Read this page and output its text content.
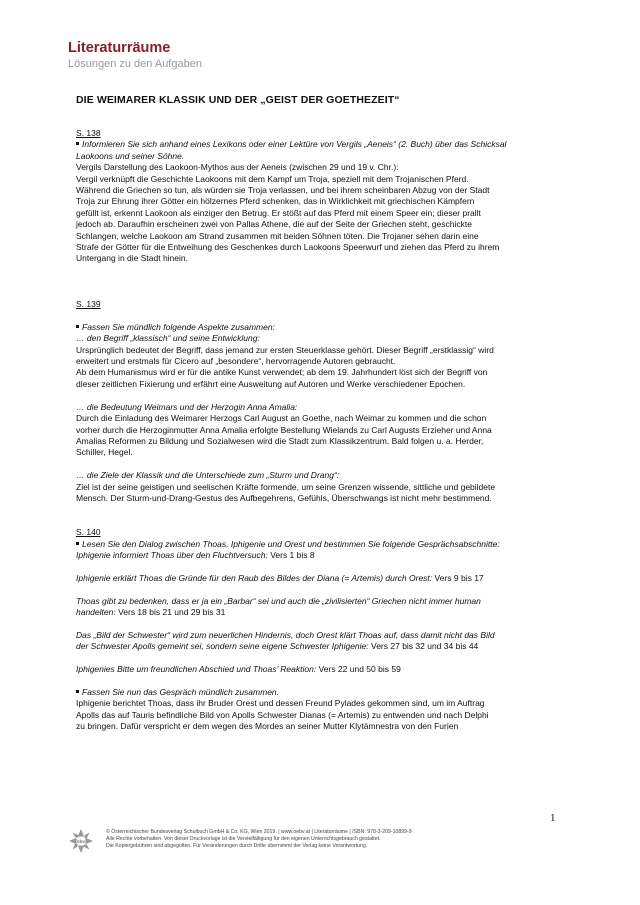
Literaturräume
Lösungen zu den Aufgaben
DIE WEIMARER KLASSIK UND DER „GEIST DER GOETHEZEIT“

S. 138

Informieren Sie sich anhand eines Lexikons oder einer Lektüre von Vergils „Aeneis“ (2. Buch) über das Schicksal

Laokoons und seiner Söhne.

Vergils Darstellung des Laokoon-Mythos aus der Aeneis (zwischen 29 und 19 v. Chr.):

Vergil verknüpft die Geschichte Laokoons mit dem Kampf um Troja, speziell mit dem Trojanischen Pferd.

Während die Griechen so tun, als würden sie Troja verlassen, und bei ihrem scheinbaren Abzug von der Stadt

Troja zur Ehrung ihrer Götter ein hölzernes Pferd schenken, das in Wirklichkeit mit griechischen Kämpfern

gefüllt ist, erkennt Laokoon als einziger den Betrug. Er stößt auf das Pferd mit einem Speer ein; dieser prallt

jedoch ab. Daraufhin erscheinen zwei von Pallas Athene, die auf der Seite der Griechen steht, geschickte

Schlangen, welche Laokoon am Strand zusammen mit beiden Söhnen töten. Die Trojaner sehen darin eine

Strafe der Götter für die Entweihung des Geschenkes durch Laokoons Speerwurf und ziehen das Pferd zu ihrem

Untergang in die Stadt hinein.

S. 139

Fassen Sie mündlich folgende Aspekte zusammen:

… den Begriff „klassisch“ und seine Entwicklung:

Ursprünglich bedeutet der Begriff, dass jemand zur ersten Steuerklasse gehört. Dieser Begriff „erstklassig“ wird

erweitert und erstmals für Cicero auf „besondere“, hervorragende Autoren gebraucht.

Ab dem Humanismus wird er für die antike Kunst verwendet; ab dem 19. Jahrhundert löst sich der Begriff von

dieser zeitlichen Fixierung und erfährt eine Ausweitung auf Autoren und Werke verschiedener Epochen.

… die Bedeutung Weimars und der Herzogin Anna Amalia:

Durch die Einladung des Weimarer Herzogs Carl August an Goethe, nach Weimar zu kommen und die schon

vorher durch die Herzoginmutter Anna Amalia erfolgte Bestellung Wielands zu Carl Augusts Erzieher und Anna

Amalias Reformen zu Bildung und Sozialwesen wird die Stadt zum Klassikzentrum. Bald folgen u. a. Herder,

Schiller, Hegel.

… die Ziele der Klassik und die Unterschiede zum „Sturm und Drang“:

Ziel ist der seine geistigen und seelischen Kräfte formende, um seine Grenzen wissende, sittliche und gebildete

Mensch. Der Sturm-und-Drang-Gestus des Aufbegehrens, Gefühls, Überschwangs ist nicht mehr bestimmend.

S. 140

Lesen Sie den Dialog zwischen Thoas, Iphigenie und Orest und bestimmen Sie folgende Gesprächsabschnitte:

Iphigenie informiert Thoas über den Fluchtversuch: Vers 1 bis 8

Iphigenie erklärt Thoas die Gründe für den Raub des Bildes der Diana (= Artemis) durch Orest: Vers 9 bis 17

Thoas gibt zu bedenken, dass er ja ein „Barbar“ sei und auch die „zivilisierten“ Griechen nicht immer human

handelten: Vers 18 bis 21 und 29 bis 31

Das „Bild der Schwester“ wird zum neuerlichen Hindernis, doch Orest klärt Thoas auf, dass damit nicht das Bild

der Schwester Apolls gemeint sei, sondern seine eigene Schwester Iphigenie: Vers 27 bis 32 und 34 bis 44

Iphigenies Bitte um freundlichen Abschied und Thoas’ Reaktion: Vers 22 und 50 bis 59

Fassen Sie nun das Gespräch mündlich zusammen.

Iphigenie berichtet Thoas, dass ihr Bruder Orest und dessen Freund Pylades gekommen sind, um im Auftrag

Apolls das auf Tauris befindliche Bild von Apolls Schwester Dianas (= Artemis) zu entwenden und nach Delphi

zu bringen. Dafür verspricht er dem wegen des Mordes an seiner Mutter Klytämnestra von den Furien

1
öbv
© Österreichischer Bundesverlag Schulbuch GmbH & Co. KG, Wien 2019. | www.oebv.at | Literaturräume | ISBN: 978-3-209-10899-9
Alle Rechte vorbehalten. Von dieser Druckvorlage ist die Vervielfältigung für den eigenen Unterrichtsgebrauch gestattet.
Die Kopiergebühren sind abgegolten. Für Veränderungen durch Dritte übernimmt der Verlag keine Verantwortung.
